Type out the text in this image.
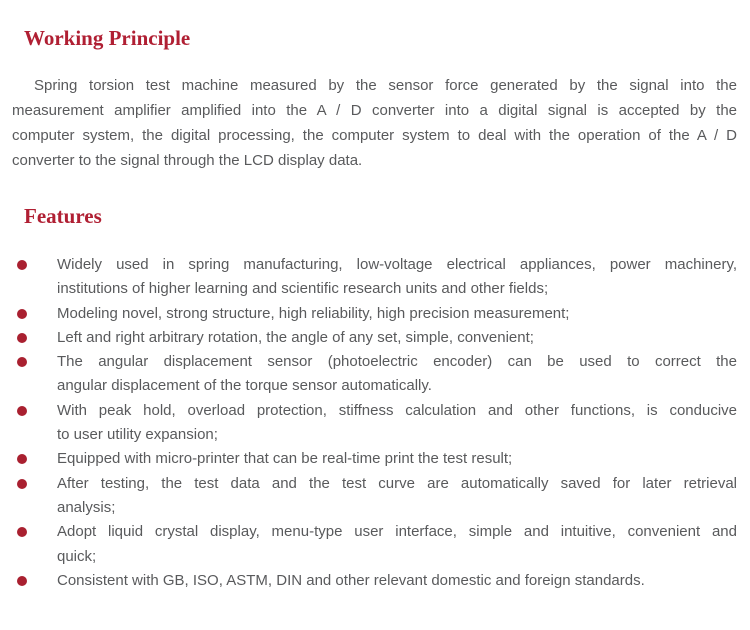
Working Principle
Spring torsion test machine measured by the sensor force generated by the signal into the
measurement amplifier amplified into the A / D converter into a digital signal is accepted by the
computer system, the digital processing, the computer system to deal with the operation of the A / D
converter to the signal through the LCD display data.
Features
Widely used in spring manufacturing, low-voltage electrical appliances, power machinery,
institutions of higher learning and scientific research units and other fields;
Modeling novel, strong structure, high reliability, high precision measurement;
Left and right arbitrary rotation, the angle of any set, simple, convenient;
The angular displacement sensor (photoelectric encoder) can be used to correct the
angular displacement of the torque sensor automatically.
With peak hold, overload protection, stiffness calculation and other functions, is conducive
to user utility expansion;
Equipped with micro-printer that can be real-time print the test result;
After testing, the test data and the test curve are automatically saved for later retrieval
analysis;
Adopt liquid crystal display, menu-type user interface, simple and intuitive, convenient and
quick;
Consistent with GB, ISO, ASTM, DIN and other relevant domestic and foreign standards.
